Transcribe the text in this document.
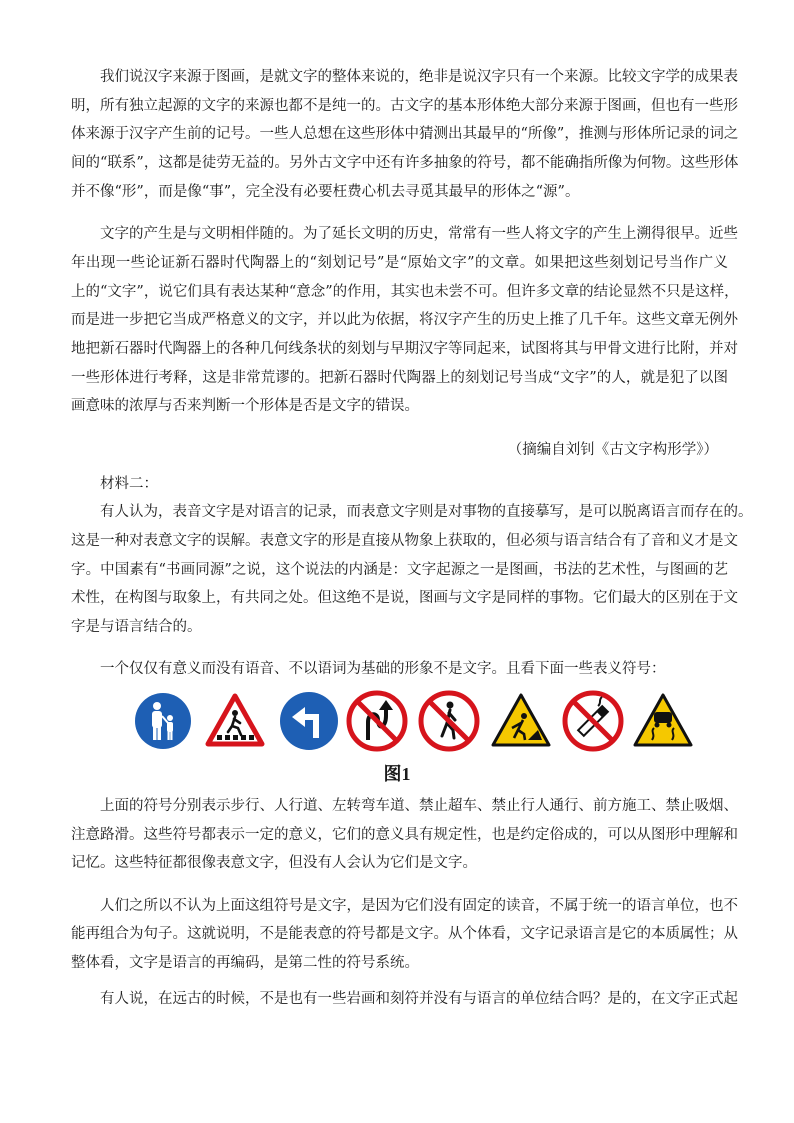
我们说汉字来源于图画，是就文字的整体来说的，绝非是说汉字只有一个来源。比较文字学的成果表
明，所有独立起源的文字的来源也都不是纯一的。古文字的基本形体绝大部分来源于图画，但也有一些形
体来源于汉字产生前的记号。一些人总想在这些形体中猜测出其最早的“所像”，推测与形体所记录的词之
间的“联系”，这都是徒劳无益的。另外古文字中还有许多抽象的符号，都不能确指所像为何物。这些形体
并不像“形”，而是像“事”，完全没有必要枉费心机去寻觅其最早的形体之“源”。
文字的产生是与文明相伴随的。为了延长文明的历史，常常有一些人将文字的产生上溯得很早。近些
年出现一些论证新石器时代陶器上的“刻划记号”是“原始文字”的文章。如果把这些刻划记号当作广义
上的“文字”，说它们具有表达某种“意念”的作用，其实也未尝不可。但许多文章的结论显然不只是这样，
而是进一步把它当成严格意义的文字，并以此为依据，将汉字产生的历史上推了几千年。这些文章无例外
地把新石器时代陶器上的各种几何线条状的刻划与早期汉字等同起来，试图将其与甲骨文进行比附，并对
一些形体进行考释，这是非常荒谬的。把新石器时代陶器上的刻划记号当成“文字”的人，就是犯了以图
画意味的浓厚与否来判断一个形体是否是文字的错误。
（摘编自刘钊《古文字构形学》）
材料二：
有人认为，表音文字是对语言的记录，而表意文字则是对事物的直接摹写，是可以脱离语言而存在的。
这是一种对表意文字的误解。表意文字的形是直接从物象上获取的，但必须与语言结合有了音和义才是文
字。中国素有“书画同源”之说，这个说法的内涵是：文字起源之一是图画，书法的艺术性，与图画的艺
术性，在构图与取象上，有共同之处。但这绝不是说，图画与文字是同样的事物。它们最大的区别在于文
字是与语言结合的。
一个仅仅有意义而没有语音、不以语词为基础的形象不是文字。且看下面一些表义符号：
图1
上面的符号分别表示步行、人行道、左转弯车道、禁止超车、禁止行人通行、前方施工、禁止吸烟、
注意路滑。这些符号都表示一定的意义，它们的意义具有规定性，也是约定俗成的，可以从图形中理解和
记忆。这些特征都很像表意文字，但没有人会认为它们是文字。
人们之所以不认为上面这组符号是文字，是因为它们没有固定的读音，不属于统一的语言单位，也不
能再组合为句子。这就说明，不是能表意的符号都是文字。从个体看，文字记录语言是它的本质属性；从
整体看，文字是语言的再编码，是第二性的符号系统。
有人说，在远古的时候，不是也有一些岩画和刻符并没有与语言的单位结合吗？是的，在文字正式起
